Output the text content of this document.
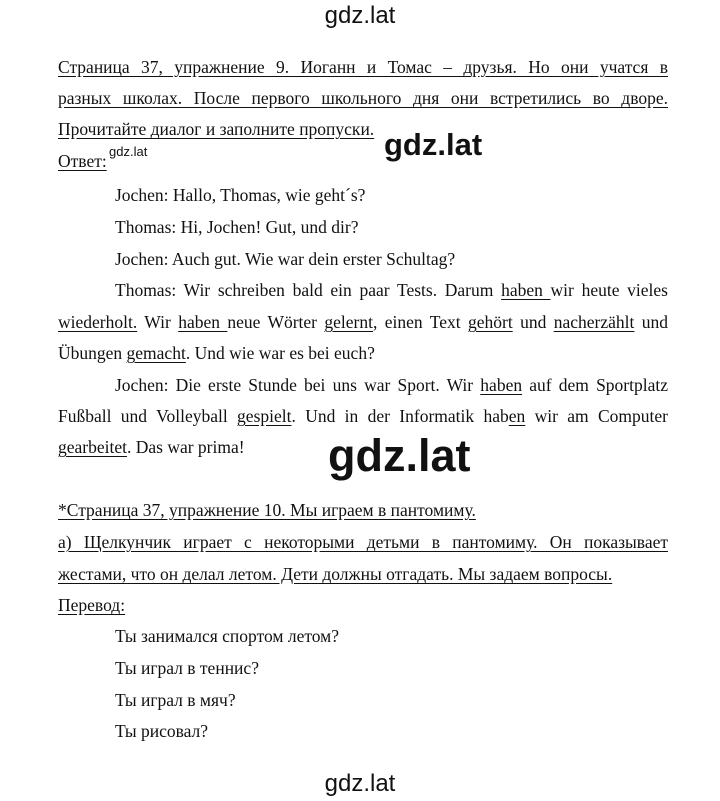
gdz.lat
gdz.lat
gdz.lat
gdz.lat
gdz.lat
Страница 37, упражнение 9. Иоганн и Томас – друзья. Но они учатся в
разных школах. После первого школьного дня они встретились во дворе.
Прочитайте диалог и заполните пропуски.
Ответ:
Jochen: Hallo, Thomas, wie geht´s?
Thomas: Hi, Jochen! Gut, und dir?
Jochen: Auch gut. Wie war dein erster Schultag?
Thomas: Wir schreiben bald ein paar Tests. Darum haben wir heute vieles
wiederholt. Wir haben neue Wörter gelernt, einen Text gehört und nacherzählt und
Übungen gemacht. Und wie war es bei euch?
Jochen: Die erste Stunde bei uns war Sport. Wir haben auf dem Sportplatz
Fußball und Volleyball gespielt. Und in der Informatik haben wir am Computer
gearbeitet. Das war prima!
*Страница 37, упражнение 10. Мы играем в пантомиму.
а) Щелкунчик играет с некоторыми детьми в пантомиму. Он показывает
жестами, что он делал летом. Дети должны отгадать. Мы задаем вопросы.
Перевод:
Ты занимался спортом летом?
Ты играл в теннис?
Ты играл в мяч?
Ты рисовал?
